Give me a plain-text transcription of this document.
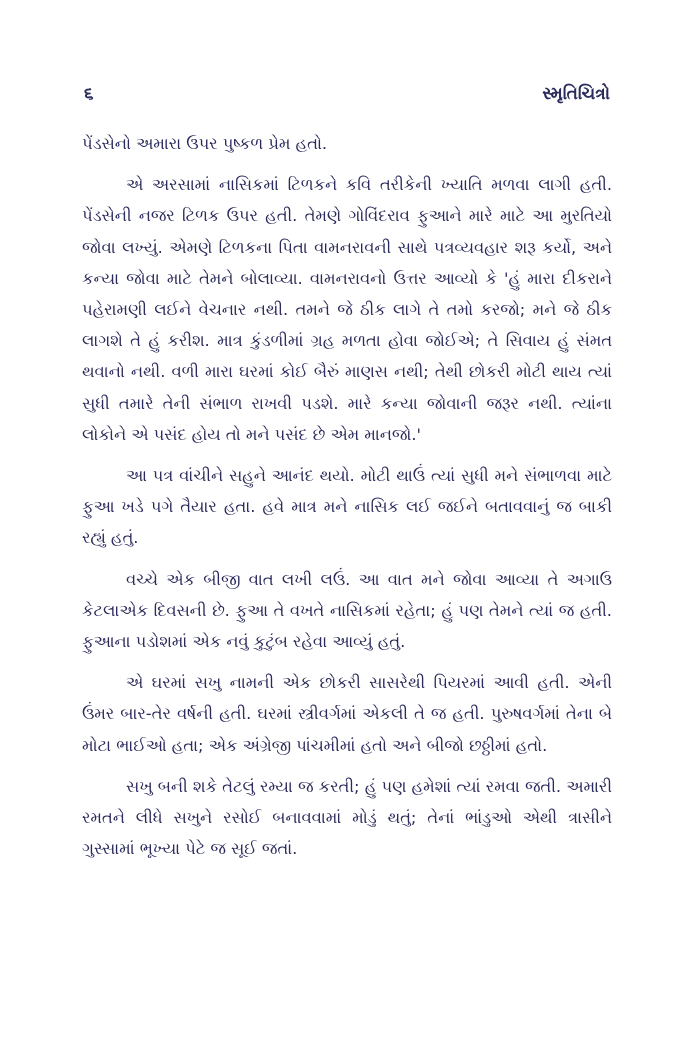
૬	સ્મૃતિચિત્રો

પેંડસેનો અમારા ઉપર પુષ્કળ પ્રેમ હતો.

એ અરસામાં નાસિકમાં ટિળકને કવિ તરીકેની ખ્યાતિ મળવા લાગી હતી. પેંડસેની નજર ટિળક ઉપર હતી. તેમણે ગોવિંદરાવ ફુઆને મારે માટે આ મુરતિયો જોવા લખ્યું. એમણે ટિળકના પિતા વામનરાવની સાથે પત્રવ્યવહાર શરૂ કર્યો, અને કન્યા જોવા માટે તેમને બોલાવ્યા. વામનરાવનો ઉત્તર આવ્યો કે 'હું મારા દીકરાને પહેરામણી લઈને વેચનાર નથી. તમને જે ઠીક લાગે તે તમો કરજો; મને જે ઠીક લાગશે તે હું કરીશ. માત્ર કુંડળીમાં ગ્રહ મળતા હોવા જોઈએ; તે સિવાય હું સંમત થવાનો નથી. વળી મારા ઘરમાં કોઈ બૈરું માણસ નથી; તેથી છોકરી મોટી થાય ત્યાં સુધી તમારે તેની સંભાળ રાખવી પડશે. મારે કન્યા જોવાની જરૂર નથી. ત્યાંના લોકોને એ પસંદ હોય તો મને પસંદ છે એમ માનજો.'

આ પત્ર વાંચીને સહુને આનંદ થયો. મોટી થાઉં ત્યાં સુધી મને સંભાળવા માટે ફુઆ ખડે પગે તૈયાર હતા. હવે માત્ર મને નાસિક લઈ જઈને બતાવવાનું જ બાકી રહ્યું હતું.

વચ્ચે એક બીજી વાત લખી લઉં. આ વાત મને જોવા આવ્યા તે અગાઉ કેટલાએક દિવસની છે. ફુઆ તે વખતે નાસિકમાં રહેતા; હું પણ તેમને ત્યાં જ હતી. ફુઆના પડોશમાં એક નવું કુટુંબ રહેવા આવ્યું હતું.

એ ઘરમાં સખુ નામની એક છોકરી સાસરેથી પિયરમાં આવી હતી. એની ઉંમર બાર-તેર વર્ષની હતી. ઘરમાં સ્ત્રીવર્ગમાં એકલી તે જ હતી. પુરુષવર્ગમાં તેના બે મોટા ભાઈઓ હતા; એક અંગ્રેજી પાંચમીમાં હતો અને બીજો છઠ્ઠીમાં હતો.

સખુ બની શકે તેટલું રમ્યા જ કરતી; હું પણ હમેશાં ત્યાં રમવા જતી. અમારી રમતને લીધે સખુને રસોઈ બનાવવામાં મોડું થતું; તેનાં ભાંડુઓ એથી ત્રાસીને ગુસ્સામાં ભૂખ્યા પેટે જ સૂઈ જતાં.
